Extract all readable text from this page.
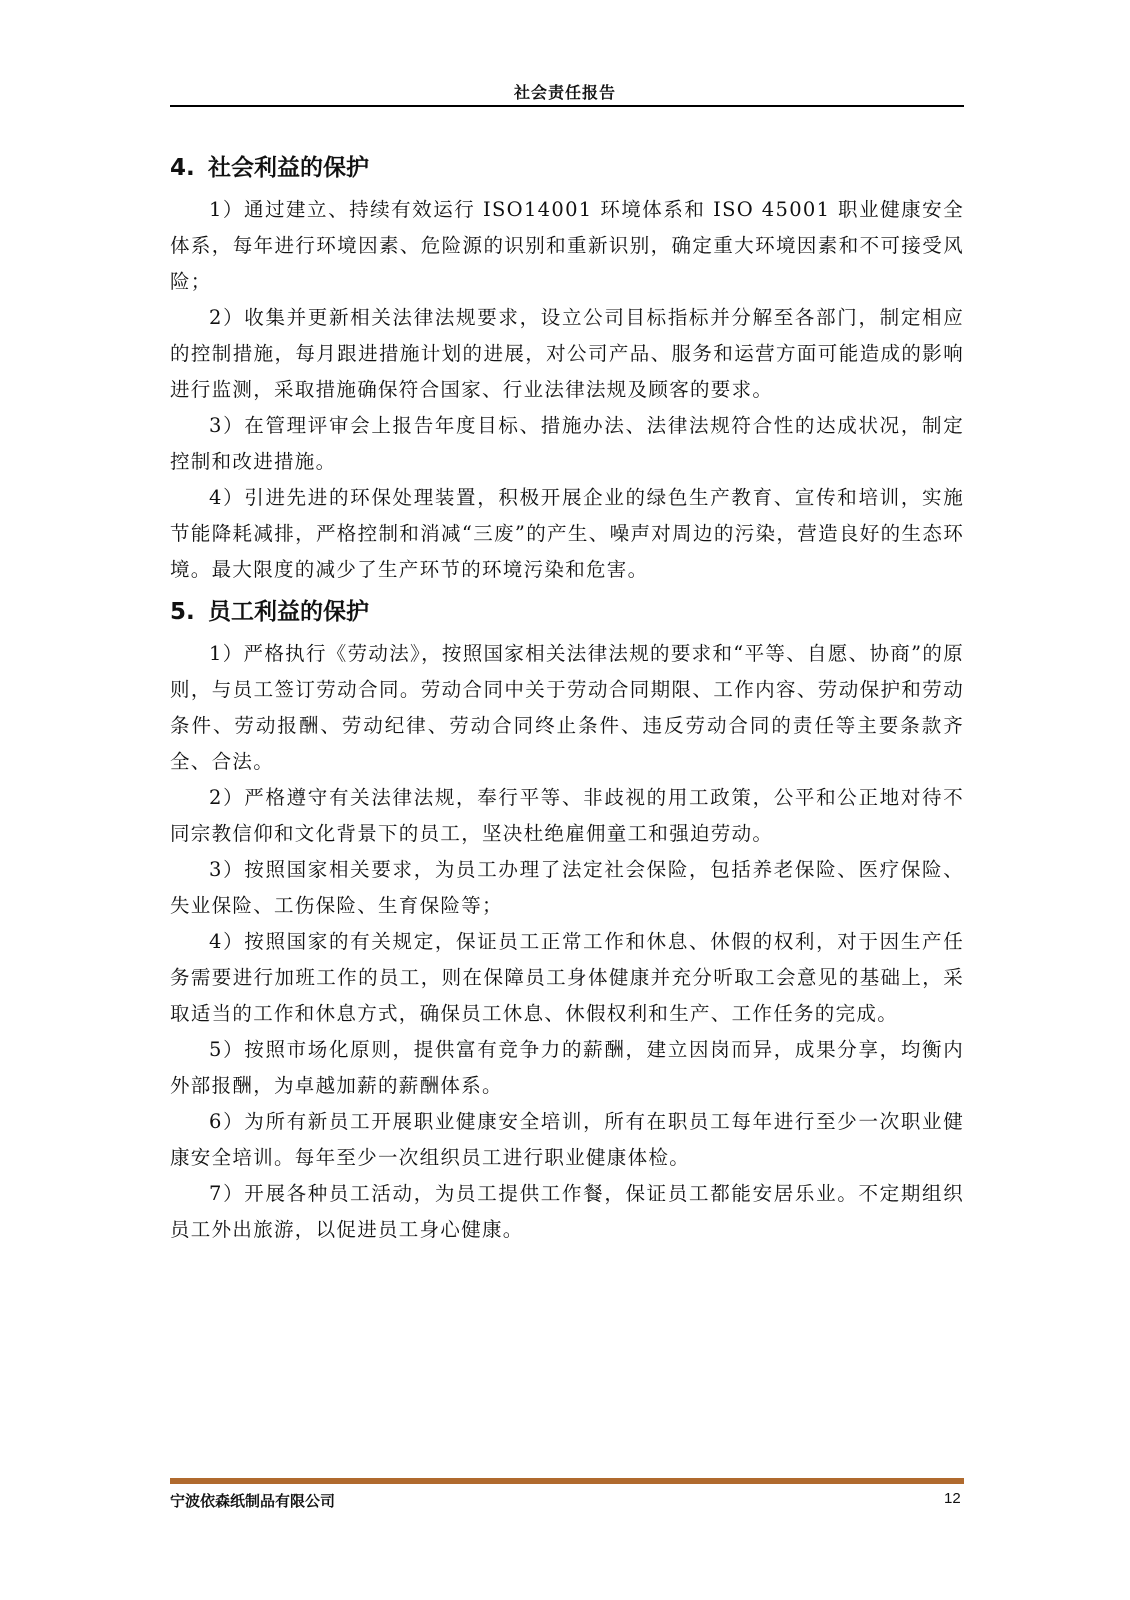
社会责任报告
4. 社会利益的保护

1）通过建立、持续有效运行 ISO14001 环境体系和 ISO 45001 职业健康安全体系，每年进行环境因素、危险源的识别和重新识别，确定重大环境因素和不可接受风险；

2）收集并更新相关法律法规要求，设立公司目标指标并分解至各部门，制定相应的控制措施，每月跟进措施计划的进展，对公司产品、服务和运营方面可能造成的影响进行监测，采取措施确保符合国家、行业法律法规及顾客的要求。

3）在管理评审会上报告年度目标、措施办法、法律法规符合性的达成状况，制定控制和改进措施。

4）引进先进的环保处理装置，积极开展企业的绿色生产教育、宣传和培训，实施节能降耗减排，严格控制和消减“三废”的产生、噪声对周边的污染，营造良好的生态环境。最大限度的减少了生产环节的环境污染和危害。

5. 员工利益的保护

1）严格执行《劳动法》，按照国家相关法律法规的要求和“平等、自愿、协商”的原则，与员工签订劳动合同。劳动合同中关于劳动合同期限、工作内容、劳动保护和劳动条件、劳动报酬、劳动纪律、劳动合同终止条件、违反劳动合同的责任等主要条款齐全、合法。

2）严格遵守有关法律法规，奉行平等、非歧视的用工政策，公平和公正地对待不同宗教信仰和文化背景下的员工，坚决杜绝雇佣童工和强迫劳动。

3）按照国家相关要求，为员工办理了法定社会保险，包括养老保险、医疗保险、失业保险、工伤保险、生育保险等；

4）按照国家的有关规定，保证员工正常工作和休息、休假的权利，对于因生产任务需要进行加班工作的员工，则在保障员工身体健康并充分听取工会意见的基础上，采取适当的工作和休息方式，确保员工休息、休假权利和生产、工作任务的完成。

5）按照市场化原则，提供富有竞争力的薪酬，建立因岗而异，成果分享，均衡内外部报酬，为卓越加薪的薪酬体系。

6）为所有新员工开展职业健康安全培训，所有在职员工每年进行至少一次职业健康安全培训。每年至少一次组织员工进行职业健康体检。

7）开展各种员工活动，为员工提供工作餐，保证员工都能安居乐业。不定期组织员工外出旅游，以促进员工身心健康。

宁波依森纸制品有限公司	12
